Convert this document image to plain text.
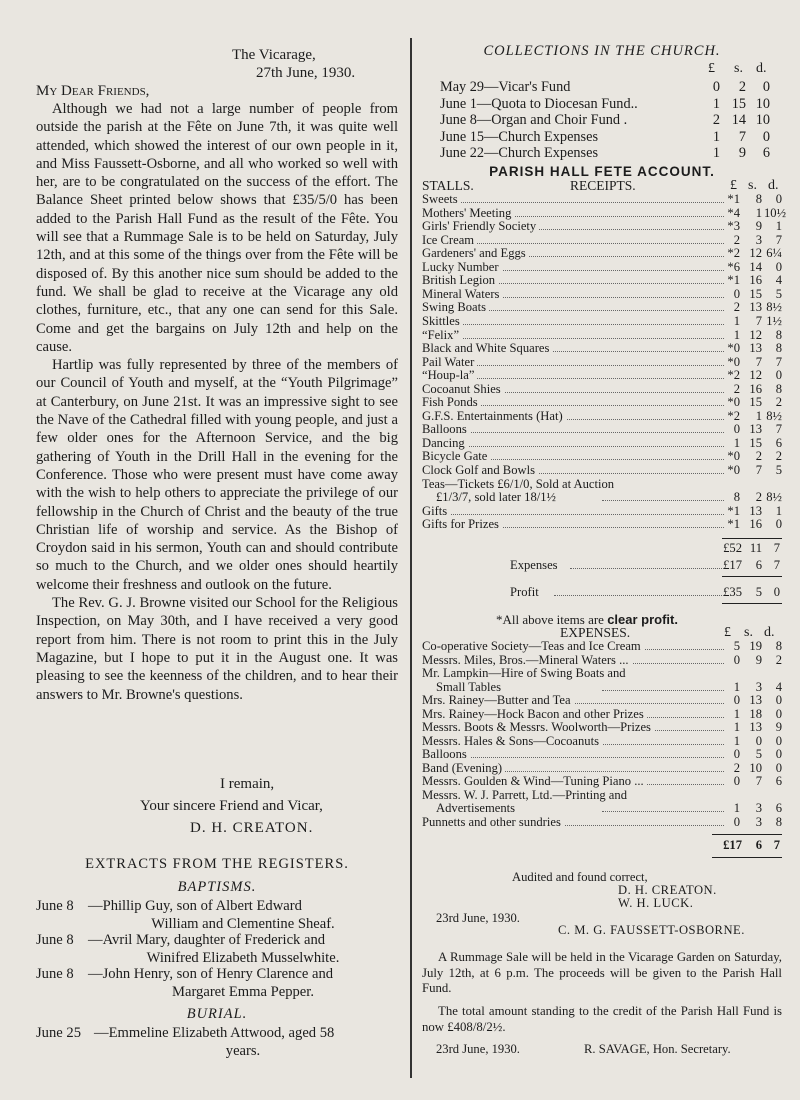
The Vicarage,
27th June, 1930.
My Dear Friends,

Although we had not a large number of people from outside the parish at the Fête on June 7th, it was quite well attended, which showed the interest of our own people in it, and Miss Faussett-Osborne, and all who worked so well with her, are to be congratulated on the success of the effort. The Balance Sheet printed below shows that £35/5/0 has been added to the Parish Hall Fund as the result of the Fête. You will see that a Rummage Sale is to be held on Saturday, July 12th, and at this some of the things over from the Fête will be disposed of. By this another nice sum should be added to the fund. We shall be glad to receive at the Vicarage any old clothes, furniture, etc., that any one can send for this Sale. Come and get the bargains on July 12th and help on the cause.

Hartlip was fully represented by three of the members of our Council of Youth and myself, at the “Youth Pilgrimage” at Canterbury, on June 21st. It was an impressive sight to see the Nave of the Cathedral filled with young people, and just a few older ones for the Afternoon Service, and the big gathering of Youth in the Drill Hall in the evening for the Conference. Those who were present must have come away with the wish to help others to appreciate the privilege of our fellowship in the Church of Christ and the beauty of the true Christian life of worship and service. As the Bishop of Croydon said in his sermon, Youth can and should contribute so much to the Church, and we older ones should heartily welcome their freshness and outlook on the future.

The Rev. G. J. Browne visited our School for the Religious Inspection, on May 30th, and I have received a very good report from him. There is not room to print this in the July Magazine, but I hope to put it in the August one. It was pleasing to see the keenness of the children, and to hear their answers to Mr. Browne's questions.

I remain,
Your sincere Friend and Vicar,
D. H. CREATON.
EXTRACTS FROM THE REGISTERS.
BAPTISMS.
June 8 —Phillip Guy, son of Albert Edward
William and Clementine Sheaf.
June 8 —Avril Mary, daughter of Frederick and
Winifred Elizabeth Musselwhite.
June 8 —John Henry, son of Henry Clarence and
Margaret Emma Pepper.
BURIAL.
June 25 —Emmeline Elizabeth Attwood, aged 58
years.
COLLECTIONS IN THE CHURCH.
£ s. d.
May 29—Vicar's Fund	0	2	0
June 1—Quota to Diocesan Fund..	1 15 10
June 8—Organ and Choir Fund .	2 14 10
June 15—Church Expenses	1	7	0
June 22—Church Expenses	1	9	6
PARISH HALL FETE ACCOUNT.
STALLS.	RECEIPTS.	£ s. d.
Sweets	*1	8	0
Mothers' Meeting	*4	1 10½
Girls' Friendly Society	*3	9	1
Ice Cream	2	3	7
Gardeners' and Eggs	*2 12 6¼
Lucky Number	*6 14	0
British Legion	*1 16	4
Mineral Waters	0 15	5
Swing Boats	2 13 8½
Skittles	1	7 1½
“Felix”	1 12	8
Black and White Squares	*0 13	8
Pail Water	*0	7	7
“Houp-la”	*2 12	0
Cocoanut Shies	2 16	8
Fish Ponds	*0 15	2
G.F.S. Entertainments (Hat)	*2	1 8½
Balloons	0 13	7
Dancing	1 15	6
Bicycle Gate	*0	2	2
Clock Golf and Bowls	*0	7	5
Teas—Tickets £6/1/0, Sold at Auction
£1/3/7, sold later 18/1½	8	2 8½
Gifts	*1 13	1
Gifts for Prizes	*1 16	0
£52 11 7
Expenses	£17	6 7
Profit	£35	5 0
*All above items are clear profit.
EXPENSES.	£ s. d.
Co-operative Society—Teas and Ice Cream	5 19	8
Messrs. Miles, Bros.—Mineral Waters ...	0	9	2
Mr. Lampkin—Hire of Swing Boats and
Small Tables	1	3	4
Mrs. Rainey—Butter and Tea	0 13	0
Mrs. Rainey—Hock Bacon and other Prizes	1 18	0
Messrs. Boots & Messrs. Woolworth—Prizes	1 13	9
Messrs. Hales & Sons—Cocoanuts	1	0	0
Balloons	0	5	0
Band (Evening)	2 10	0
Messrs. Goulden & Wind—Tuning Piano ...	0	7	6
Messrs. W. J. Parrett, Ltd.—Printing and
Advertisements	1	3	6
Punnetts and other sundries	0	3	8
£17	6 7
Audited and found correct,
D. H. CREATON.
W. H. LUCK.
23rd June, 1930.
C. M. G. FAUSSETT-OSBORNE.
A Rummage Sale will be held in the Vicarage Garden on Saturday, July 12th, at 6 p.m. The proceeds will be given to the Parish Hall Fund.
The total amount standing to the credit of the Parish Hall Fund is now £408/8/2½.
23rd June, 1930.	R. SAVAGE, Hon. Secretary.
